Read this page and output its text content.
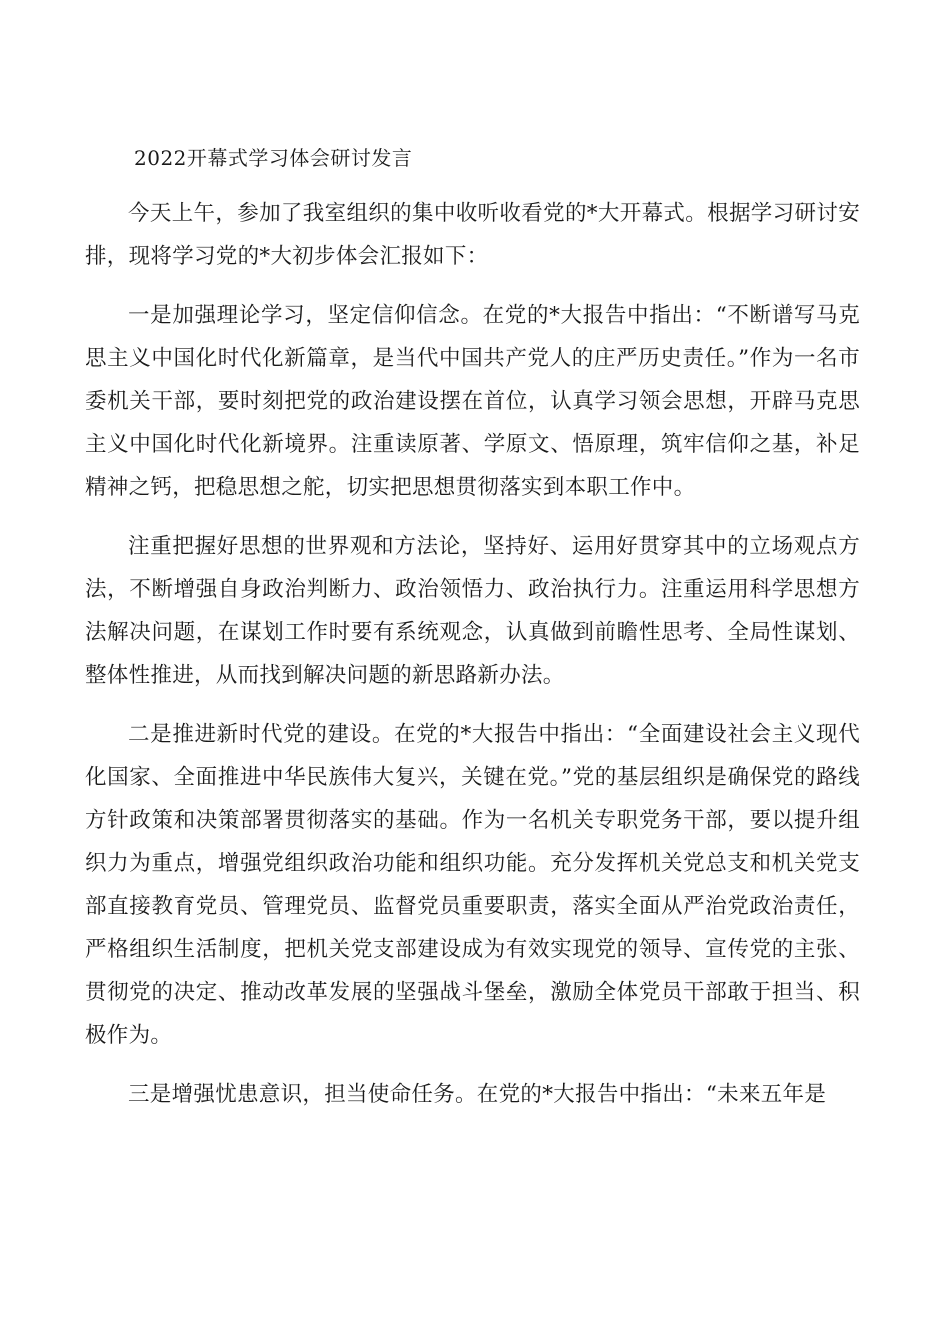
2022开幕式学习体会研讨发言

今天上午，参加了我室组织的集中收听收看党的*大开幕式。根据学习研讨安排，现将学习党的*大初步体会汇报如下：

一是加强理论学习，坚定信仰信念。在党的*大报告中指出：“不断谱写马克思主义中国化时代化新篇章，是当代中国共产党人的庄严历史责任。”作为一名市委机关干部，要时刻把党的政治建设摆在首位，认真学习领会思想，开辟马克思主义中国化时代化新境界。注重读原著、学原文、悟原理，筑牢信仰之基，补足精神之钙，把稳思想之舵，切实把思想贯彻落实到本职工作中。

注重把握好思想的世界观和方法论，坚持好、运用好贯穿其中的立场观点方法，不断增强自身政治判断力、政治领悟力、政治执行力。注重运用科学思想方法解决问题，在谋划工作时要有系统观念，认真做到前瞻性思考、全局性谋划、整体性推进，从而找到解决问题的新思路新办法。

二是推进新时代党的建设。在党的*大报告中指出：“全面建设社会主义现代化国家、全面推进中华民族伟大复兴，关键在党。”党的基层组织是确保党的路线方针政策和决策部署贯彻落实的基础。作为一名机关专职党务干部，要以提升组织力为重点，增强党组织政治功能和组织功能。充分发挥机关党总支和机关党支部直接教育党员、管理党员、监督党员重要职责，落实全面从严治党政治责任，严格组织生活制度，把机关党支部建设成为有效实现党的领导、宣传党的主张、贯彻党的决定、推动改革发展的坚强战斗堡垒，激励全体党员干部敢于担当、积极作为。

三是增强忧患意识，担当使命任务。在党的*大报告中指出：“未来五年是
